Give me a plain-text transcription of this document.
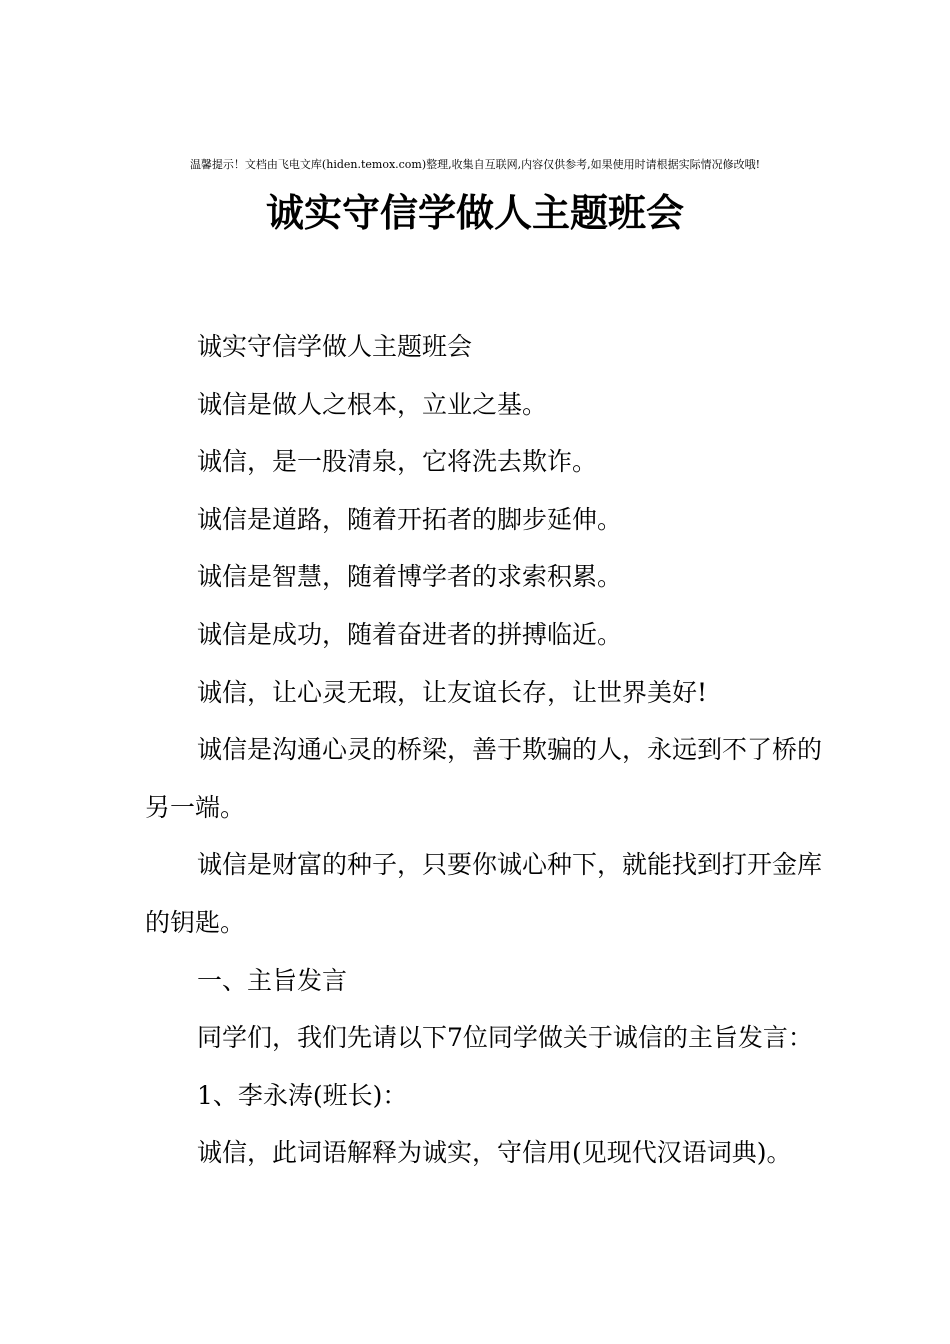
温馨提示！文档由飞电文库(hiden.temox.com)整理,收集自互联网,内容仅供参考,如果使用时请根据实际情况修改哦!
诚实守信学做人主题班会

诚实守信学做人主题班会

诚信是做人之根本，立业之基。

诚信，是一股清泉，它将洗去欺诈。

诚信是道路，随着开拓者的脚步延伸。

诚信是智慧，随着博学者的求索积累。

诚信是成功，随着奋进者的拼搏临近。

诚信，让心灵无瑕，让友谊长存，让世界美好!

诚信是沟通心灵的桥梁，善于欺骗的人，永远到不了桥的另一端。

诚信是财富的种子，只要你诚心种下，就能找到打开金库的钥匙。

一、主旨发言

同学们，我们先请以下7位同学做关于诚信的主旨发言：

1、李永涛(班长)：

诚信，此词语解释为诚实，守信用(见现代汉语词典)。
